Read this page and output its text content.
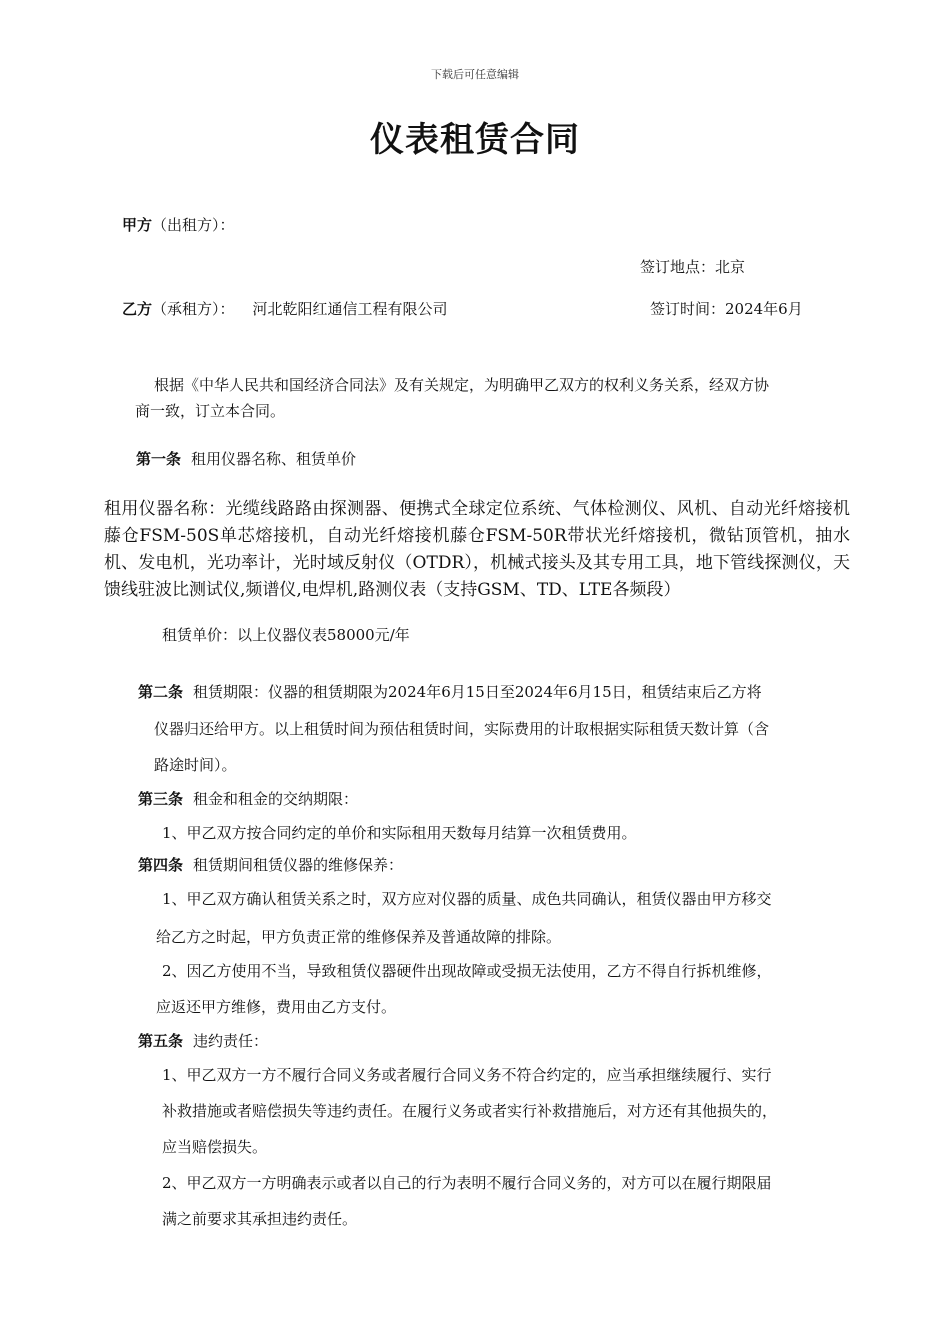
下载后可任意编辑
仪表租赁合同
甲方（出租方）：
签订地点：北京
乙方（承租方）： 河北乾阳红通信工程有限公司	签订时间：2024年6月
根据《中华人民共和国经济合同法》及有关规定，为明确甲乙双方的权利义务关系，经双方协
商一致，订立本合同。
第一条 租用仪器名称、租赁单价
租用仪器名称：光缆线路路由探测器、便携式全球定位系统、气体检测仪、风机、自动光纤熔接机藤仓FSM-50S单芯熔接机，自动光纤熔接机藤仓FSM-50R带状光纤熔接机，微钻顶管机，抽水机、发电机，光功率计，光时域反射仪（OTDR），机械式接头及其专用工具，地下管线探测仪，天馈线驻波比测试仪,频谱仪,电焊机,路测仪表（支持GSM、TD、LTE各频段）
租赁单价：以上仪器仪表58000元/年
第二条 租赁期限：仪器的租赁期限为2024年6月15日至2024年6月15日，租赁结束后乙方将
仪器归还给甲方。以上租赁时间为预估租赁时间，实际费用的计取根据实际租赁天数计算（含
路途时间）。
第三条 租金和租金的交纳期限：
1、甲乙双方按合同约定的单价和实际租用天数每月结算一次租赁费用。
第四条 租赁期间租赁仪器的维修保养：
1、甲乙双方确认租赁关系之时，双方应对仪器的质量、成色共同确认，租赁仪器由甲方移交
给乙方之时起，甲方负责正常的维修保养及普通故障的排除。
2、因乙方使用不当，导致租赁仪器硬件出现故障或受损无法使用，乙方不得自行拆机维修，
应返还甲方维修，费用由乙方支付。
第五条 违约责任：
1、甲乙双方一方不履行合同义务或者履行合同义务不符合约定的，应当承担继续履行、实行
补救措施或者赔偿损失等违约责任。在履行义务或者实行补救措施后，对方还有其他损失的，
应当赔偿损失。
2、甲乙双方一方明确表示或者以自己的行为表明不履行合同义务的，对方可以在履行期限届
满之前要求其承担违约责任。
